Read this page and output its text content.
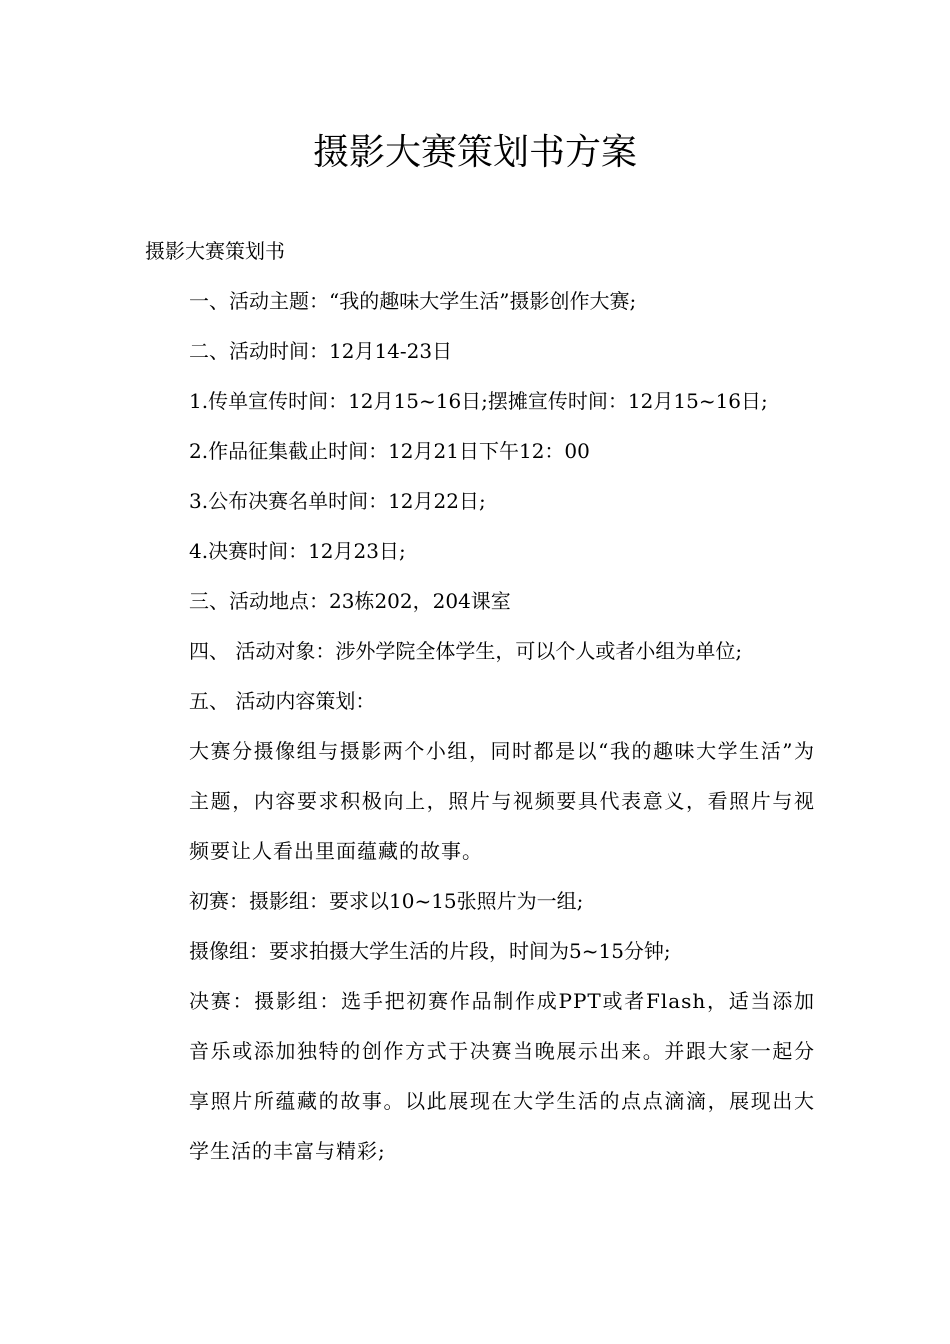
摄影大赛策划书方案

摄影大赛策划书

一、活动主题：“我的趣味大学生活”摄影创作大赛;

二、活动时间：12月14-23日

1.传单宣传时间：12月15~16日;摆摊宣传时间：12月15~16日;

2.作品征集截止时间：12月21日下午12：00

3.公布决赛名单时间：12月22日;

4.决赛时间：12月23日;

三、活动地点：23栋202，204课室

四、 活动对象：涉外学院全体学生，可以个人或者小组为单位;

五、 活动内容策划：

大赛分摄像组与摄影两个小组，同时都是以“我的趣味大学生活”为主题，内容要求积极向上，照片与视频要具代表意义，看照片与视频要让人看出里面蕴藏的故事。

初赛：摄影组：要求以10~15张照片为一组;

摄像组：要求拍摄大学生活的片段，时间为5~15分钟;

决赛：摄影组：选手把初赛作品制作成PPT或者Flash，适当添加音乐或添加独特的创作方式于决赛当晚展示出来。并跟大家一起分享照片所蕴藏的故事。以此展现在大学生活的点点滴滴，展现出大学生活的丰富与精彩;
